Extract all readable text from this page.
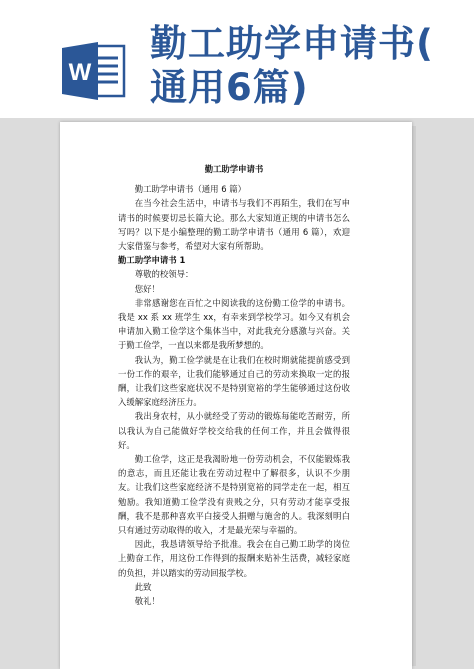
W
勤工助学申请书(
通用6篇)
勤工助学申请书

勤工助学申请书（通用 6 篇）

在当今社会生活中，申请书与我们不再陌生，我们在写申请书的时候要切忌长篇大论。那么大家知道正规的申请书怎么写吗？以下是小编整理的勤工助学申请书（通用 6 篇），欢迎大家借鉴与参考，希望对大家有所帮助。

勤工助学申请书 1

尊敬的校领导：

您好！

非常感谢您在百忙之中阅读我的这份勤工俭学的申请书。我是 xx 系 xx 班学生 xx，有幸来到学校学习。如今又有机会申请加入勤工俭学这个集体当中，对此我充分感激与兴奋。关于勤工俭学，一直以来都是我所梦想的。

我认为，勤工俭学就是在让我们在校时期就能提前感受到一份工作的艰辛，让我们能够通过自己的劳动来换取一定的报酬，让我们这些家庭状况不是特别宽裕的学生能够通过这份收入缓解家庭经济压力。

我出身农村，从小就经受了劳动的锻炼每能吃苦耐劳，所以我认为自己能做好学校交给我的任何工作，并且会做得很好。

勤工俭学，这正是我渴盼地一份劳动机会，不仅能锻炼我的意志，而且还能让我在劳动过程中了解很多，认识不少朋友。让我们这些家庭经济不是特别宽裕的同学走在一起，相互勉励。我知道勤工俭学没有贵贱之分，只有劳动才能享受报酬，我不是那种喜欢平白接受人捐赠与施舍的人。我深刻明白只有通过劳动取得的收入，才是最光荣与幸福的。

因此，我恳请领导给予批准。我会在自己勤工助学的岗位上勤奋工作，用这份工作得到的报酬来贴补生活费，减轻家庭的负担，并以踏实的劳动回报学校。

此致

敬礼！
